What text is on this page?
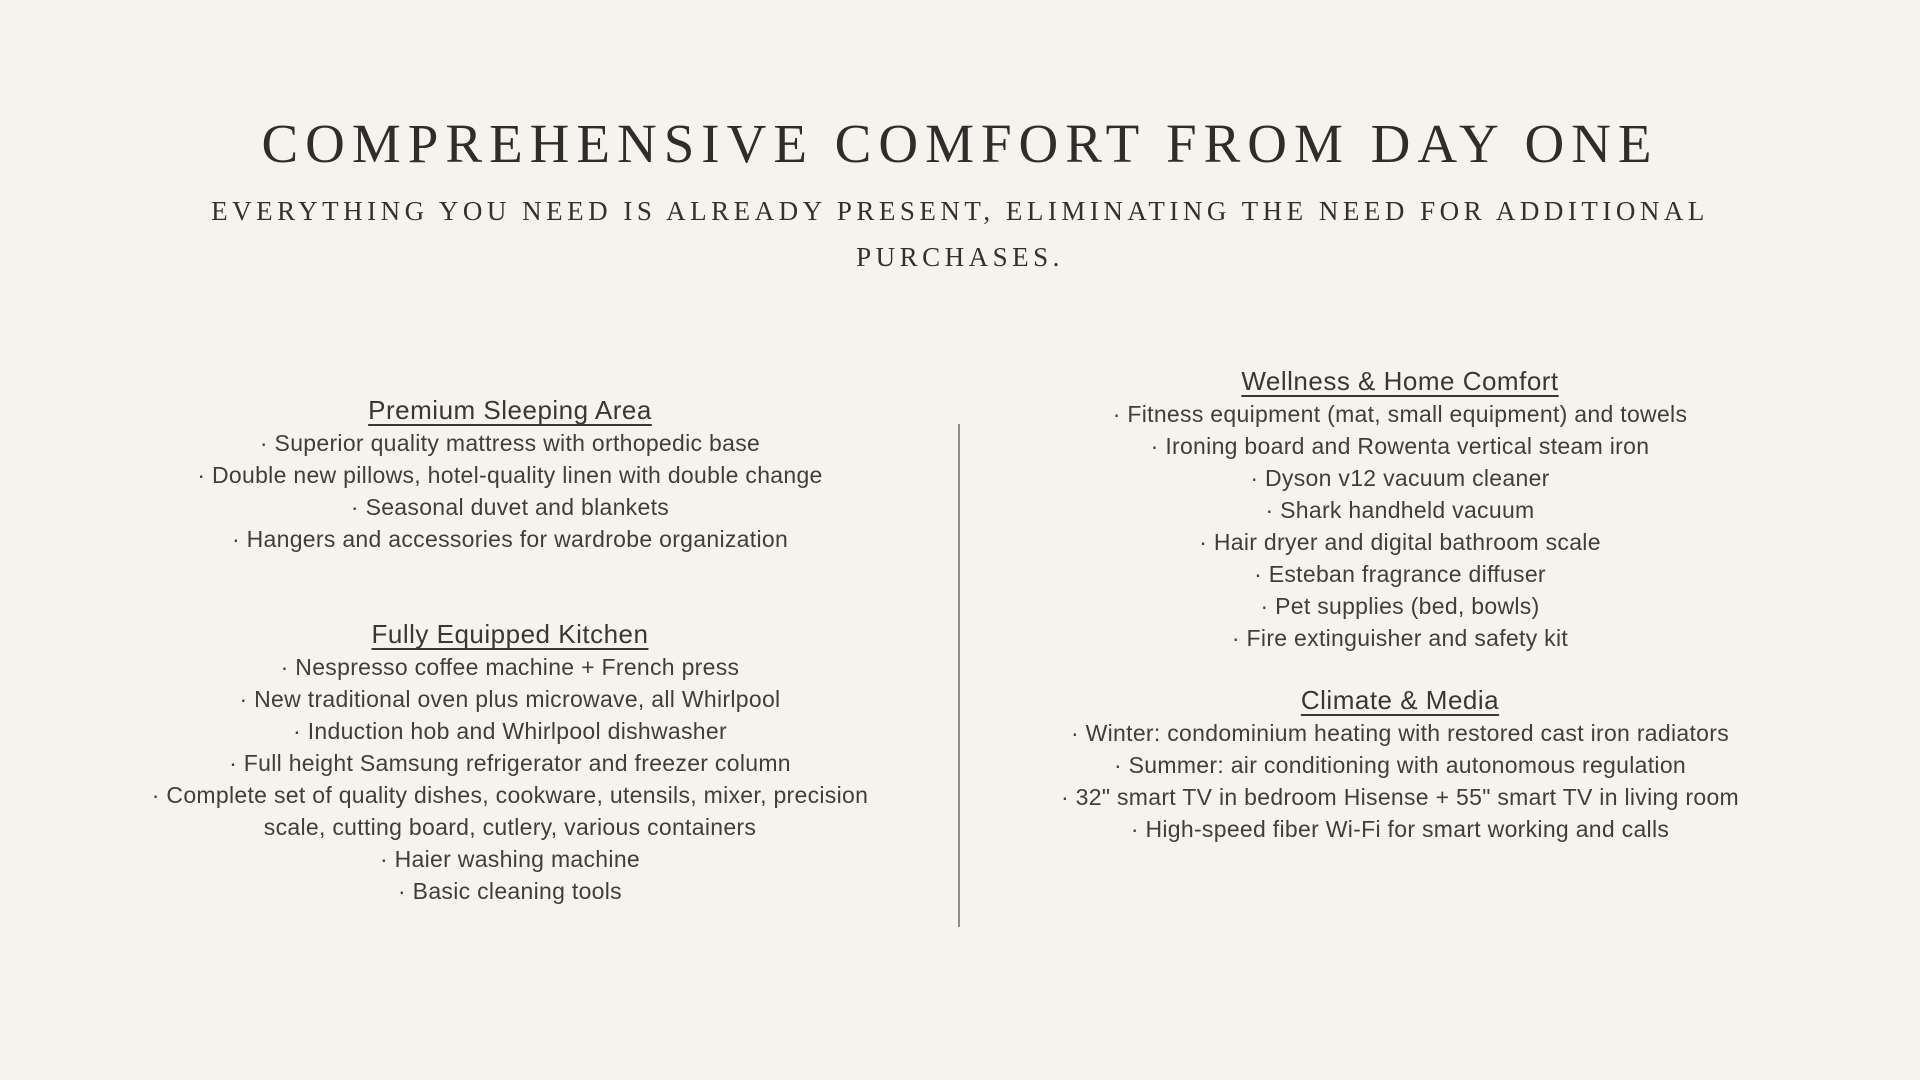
COMPREHENSIVE COMFORT FROM DAY ONE

EVERYTHING YOU NEED IS ALREADY PRESENT, ELIMINATING THE NEED FOR ADDITIONAL PURCHASES.

Premium Sleeping Area
· Superior quality mattress with orthopedic base
· Double new pillows, hotel-quality linen with double change
· Seasonal duvet and blankets
· Hangers and accessories for wardrobe organization
Fully Equipped Kitchen
· Nespresso coffee machine + French press
· New traditional oven plus microwave, all Whirlpool
· Induction hob and Whirlpool dishwasher
· Full height Samsung refrigerator and freezer column
· Complete set of quality dishes, cookware, utensils, mixer, precision scale, cutting board, cutlery, various containers
· Haier washing machine
· Basic cleaning tools
Wellness & Home Comfort
· Fitness equipment (mat, small equipment) and towels
· Ironing board and Rowenta vertical steam iron
· Dyson v12 vacuum cleaner
· Shark handheld vacuum
· Hair dryer and digital bathroom scale
· Esteban fragrance diffuser
· Pet supplies (bed, bowls)
· Fire extinguisher and safety kit
Climate & Media
· Winter: condominium heating with restored cast iron radiators
· Summer: air conditioning with autonomous regulation
· 32" smart TV in bedroom Hisense + 55" smart TV in living room
· High-speed fiber Wi-Fi for smart working and calls
